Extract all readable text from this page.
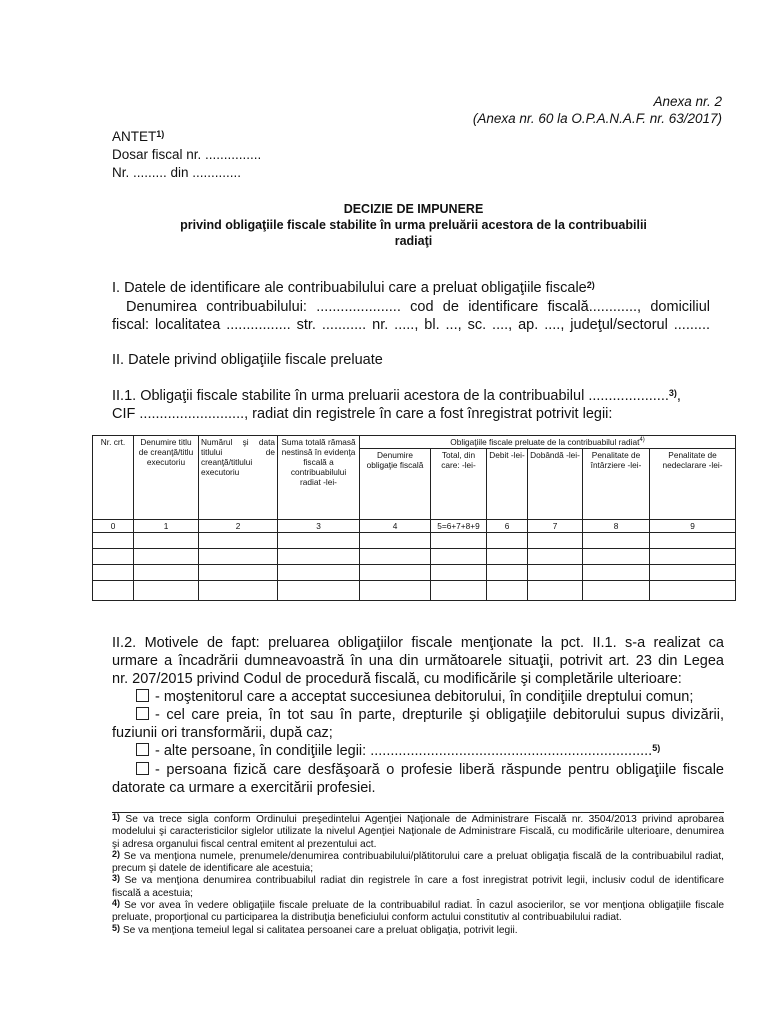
Anexa nr. 2
(Anexa nr. 60 la O.P.A.N.A.F. nr. 63/2017)
ANTET$^{1)}$
Dosar fiscal nr. ...............
Nr. ......... din .............
DECIZIE DE IMPUNERE
privind obligaţiile fiscale stabilite în urma preluării acestora de la contribuabilii
radiaţi
I. Datele de identificare ale contribuabilului care a preluat obligaţiile fiscale$^{2)}$
Denumirea contribuabilului: ..................... cod de identificare fiscală............, domiciliul
fiscal: localitatea ................ str. ........... nr. ....., bl. ..., sc. ...., ap. ...., judeţul/sectorul .........
II. Datele privind obligaţiile fiscale preluate
II.1. Obligaţii fiscale stabilite în urma preluarii acestora de la contribuabilul ....................$^{3)}$,
CIF .........................., radiat din registrele în care a fost înregistrat potrivit legii:
Nr. crt.	Denumire titlu de creanţă/titlu executoriu	Numărul şi data titlului de creanţă/titlului executoriu	Suma totală rămasă nestinsă în evidenţa fiscală a contribuabilului radiat -lei-	Obligaţiile fiscale preluate de la contribuabilul radiat$^{4)}$
				Denumire obligaţie fiscală	Total, din care: -lei-	Debit -lei-	Dobândă -lei-	Penalitate de întârziere -lei-	Penalitate de nedeclarare -lei-
0	1	2	3	4	5=6+7+8+9	6	7	8	9

II.2. Motivele de fapt: preluarea obligaţiilor fiscale menţionate la pct. II.1. s-a realizat ca
urmare a încadrării dumneavoastră în una din următoarele situaţii, potrivit art. 23 din Legea
nr. 207/2015 privind Codul de procedură fiscală, cu modificările şi completările ulterioare:
- moştenitorul care a acceptat succesiunea debitorului, în condiţiile dreptului comun;
- cel care preia, în tot sau în parte, drepturile şi obligaţiile debitorului supus divizării,
fuziunii ori transformării, după caz;
- alte persoane, în condiţiile legii: ......................................................................$^{5)}$
- persoana fizică care desfăşoară o profesie liberă răspunde pentru obligaţiile fiscale
datorate ca urmare a exercitării profesiei.
$^{1)}$ Se va trece sigla conform Ordinului preşedintelui Agenţiei Naţionale de Administrare Fiscală nr. 3504/2013 privind aprobarea modelului şi caracteristicilor siglelor utilizate la nivelul Agenţiei Naţionale de Administrare Fiscală, cu modificările ulterioare, denumirea şi adresa organului fiscal central emitent al prezentului act.
$^{2)}$ Se va menţiona numele, prenumele/denumirea contribuabilului/plătitorului care a preluat obligaţia fiscală de la contribuabilul radiat, precum şi datele de identificare ale acestuia;
$^{3)}$ Se va menţiona denumirea contribuabilul radiat din registrele în care a fost inregistrat potrivit legii, inclusiv codul de identificare fiscală a acestuia;
$^{4)}$ Se vor avea în vedere obligaţiile fiscale preluate de la contribuabilul radiat. În cazul asocierilor, se vor menţiona obligaţiile fiscale preluate, proporţional cu participarea la distribuţia beneficiului conform actului constitutiv al contribuabilului radiat.
$^{5)}$ Se va menţiona temeiul legal si calitatea persoanei care a preluat obligaţia, potrivit legii.
